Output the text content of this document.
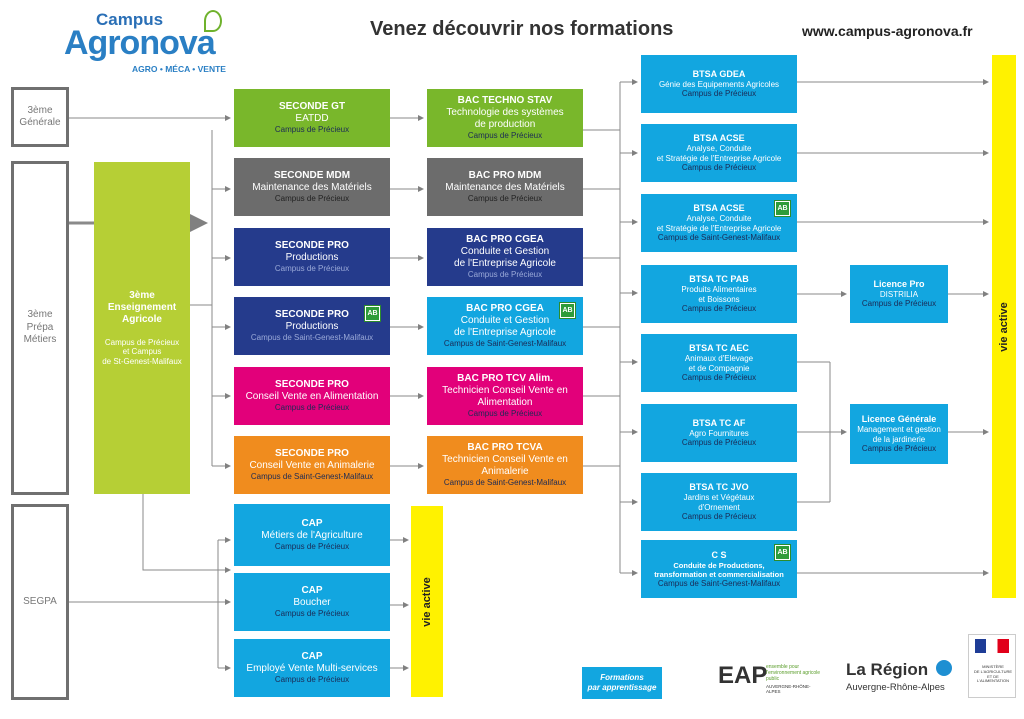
Campus
Agronova
AGRO • MÉCA • VENTE
Venez découvrir nos formations	www.campus-agronova.fr
3ème
Générale
3ème
Prépa
Métiers
SEGPA
3ème
Enseignement
Agricole
Campus de Précieux
et Campus
de St-Genest-Malifaux
SECONDE GT
EATDD
Campus de Précieux
SECONDE MDM
Maintenance des Matériels
Campus de Précieux
SECONDE PRO
Productions
Campus de Précieux
SECONDE PRO
Productions
Campus de Saint-Genest-Malifaux
AB
SECONDE PRO
Conseil Vente en Alimentation
Campus de Précieux
SECONDE PRO
Conseil Vente en Animalerie
Campus de Saint-Genest-Malifaux
CAP
Métiers de l'Agriculture
Campus de Précieux
CAP
Boucher
Campus de Précieux
CAP
Employé Vente Multi-services
Campus de Précieux
vie active
BAC TECHNO STAV
Technologie des systèmes
de production
Campus de Précieux
BAC PRO MDM
Maintenance des Matériels
Campus de Précieux
BAC PRO CGEA
Conduite et Gestion
de l'Entreprise Agricole
Campus de Précieux
BAC PRO CGEA
Conduite et Gestion
de l'Entreprise Agricole
Campus de Saint-Genest-Malifaux
AB
BAC PRO TCV Alim.
Technicien Conseil Vente en
Alimentation
Campus de Précieux
BAC PRO TCVA
Technicien Conseil Vente en
Animalerie
Campus de Saint-Genest-Malifaux
BTSA GDEA
Génie des Equipements Agricoles
Campus de Précieux
BTSA ACSE
Analyse, Conduite
et Stratégie de l'Entreprise Agricole
Campus de Précieux
BTSA ACSE
Analyse, Conduite
et Stratégie de l'Entreprise Agricole
Campus de Saint-Genest-Malifaux
AB
BTSA TC PAB
Produits Alimentaires
et Boissons
Campus de Précieux
BTSA TC AEC
Animaux d'Elevage
et de Compagnie
Campus de Précieux
BTSA TC AF
Agro Fournitures
Campus de Précieux
BTSA TC JVO
Jardins et Végétaux
d'Ornement
Campus de Précieux
C S
Conduite de Productions,
transformation et commercialisation
Campus de Saint-Genest-Malifaux
AB
Licence Pro
DISTRILIA
Campus de Précieux
Licence Générale
Management et gestion
de la jardinerie
Campus de Précieux
vie active
Formations
par apprentissage	EAP
ensemble pour
l'environnement agricole public
AUVERGNE-RHÔNE-ALPES
La Région
Auvergne-Rhône-Alpes
MINISTÈRE
DE L'AGRICULTURE
ET DE
L'ALIMENTATION
